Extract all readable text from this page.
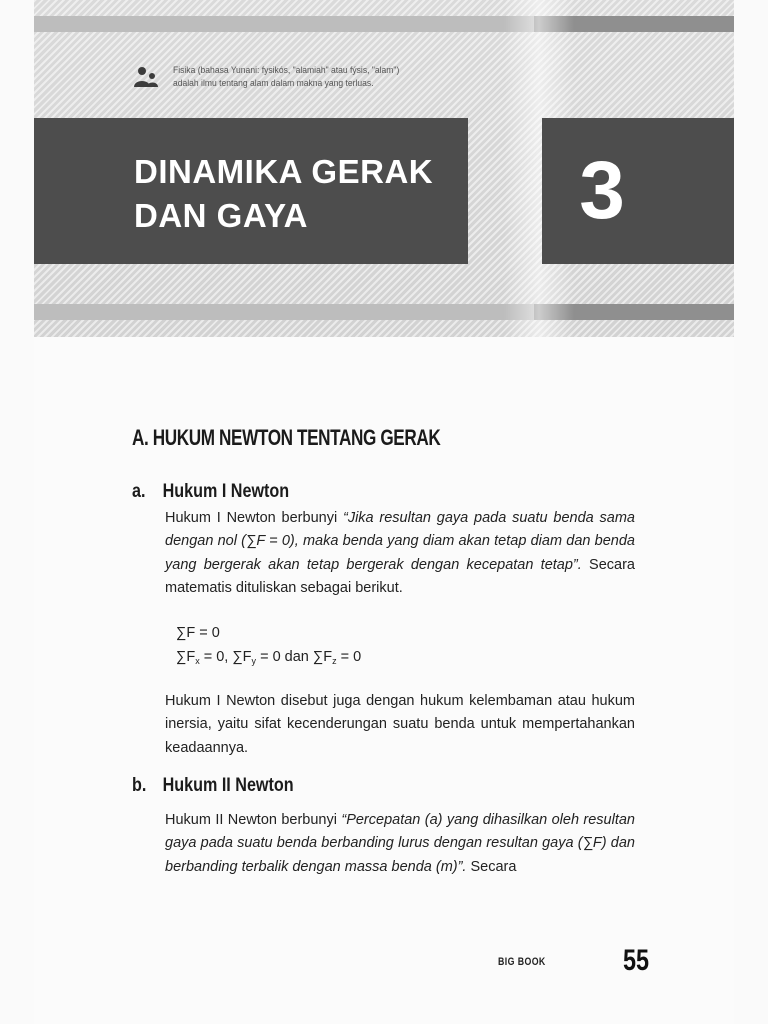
Fisika (bahasa Yunani: fysikós, "alamiah" atau fýsis, "alam")
adalah ilmu tentang alam dalam makna yang terluas.
DINAMIKA GERAK
DAN GAYA	3
A. HUKUM NEWTON TENTANG GERAK
a. Hukum I Newton
Hukum I Newton berbunyi “Jika resultan gaya pada suatu benda sama dengan nol (∑F = 0), maka benda yang diam akan tetap diam dan benda yang bergerak akan tetap bergerak dengan kecepatan tetap”. Secara matematis dituliskan sebagai berikut.
∑F = 0
$\sum F_x = 0$, $\sum F_y = 0$ dan $\sum F_z = 0$
Hukum I Newton disebut juga dengan hukum kelembaman atau hukum inersia, yaitu sifat kecenderungan suatu benda untuk mempertahankan keadaannya.
b. Hukum II Newton
Hukum II Newton berbunyi “Percepatan (a) yang dihasilkan oleh resultan gaya pada suatu benda berbanding lurus dengan resultan gaya (∑F) dan berbanding terbalik dengan massa benda (m)”. Secara
BIG BOOK	55
